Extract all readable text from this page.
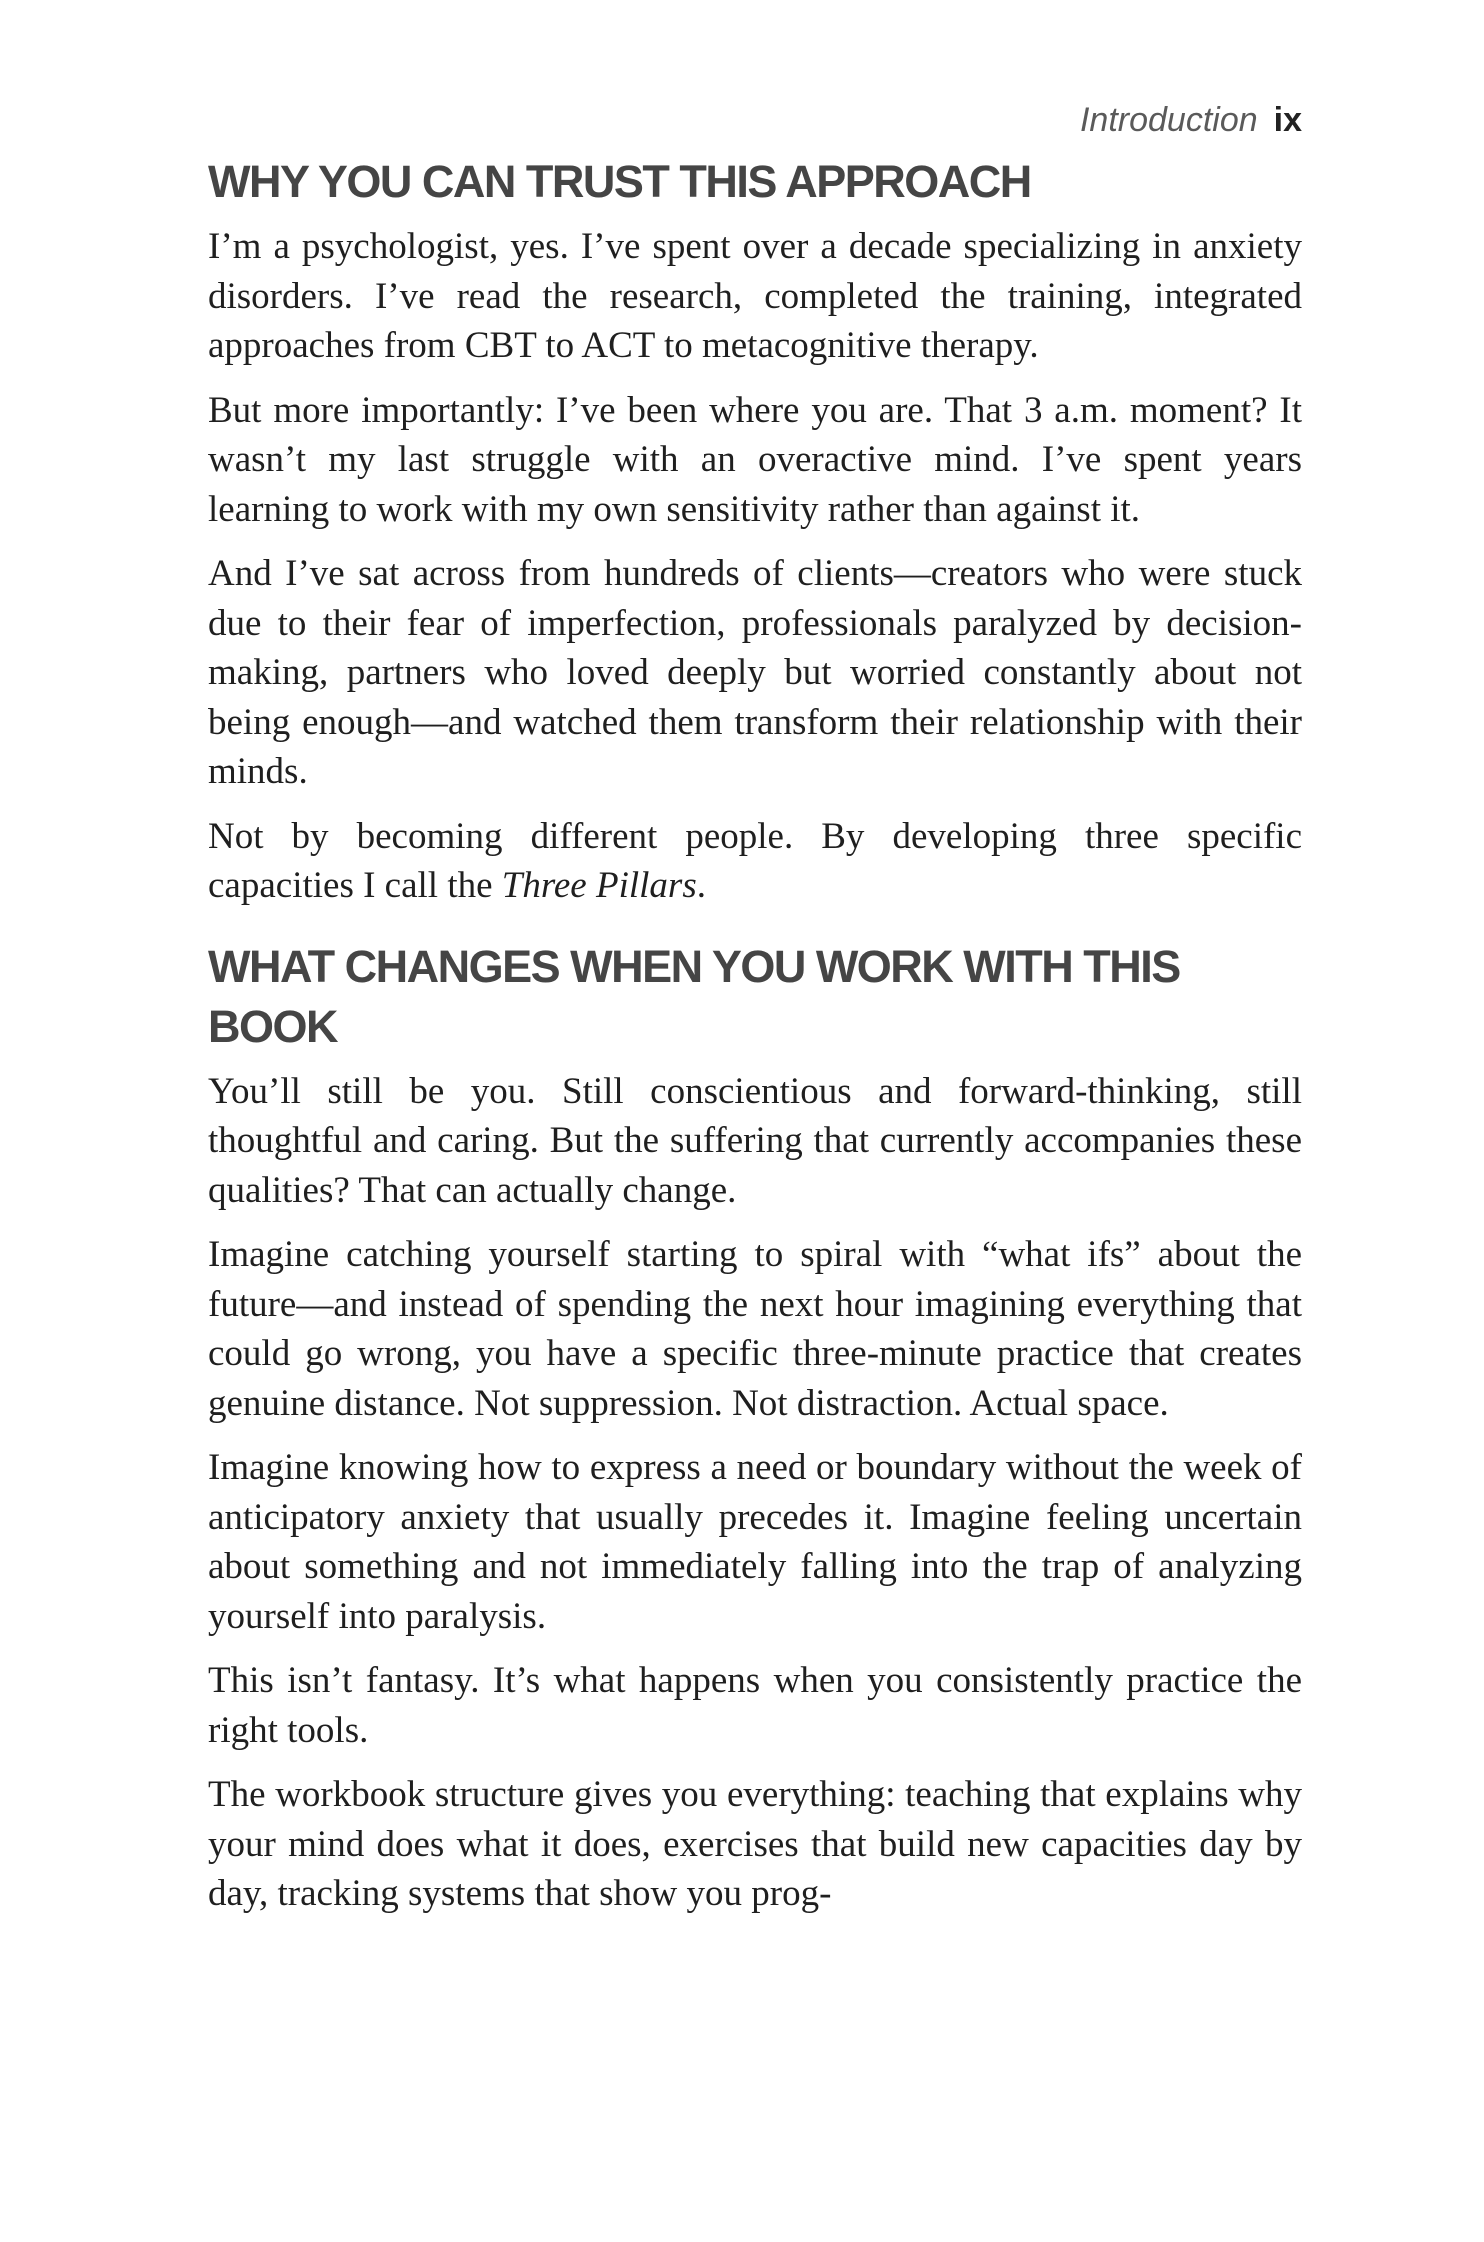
Introduction ix
WHY YOU CAN TRUST THIS APPROACH

I’m a psychologist, yes. I’ve spent over a decade specializing in anxiety disorders. I’ve read the research, completed the training, integrated approaches from CBT to ACT to metacognitive therapy.

But more importantly: I’ve been where you are. That 3 a.m. moment? It wasn’t my last struggle with an overactive mind. I’ve spent years learning to work with my own sensitivity rather than against it.

And I’ve sat across from hundreds of clients—creators who were stuck due to their fear of imperfection, professionals paralyzed by decision-making, partners who loved deeply but worried constantly about not being enough—and watched them transform their relationship with their minds.

Not by becoming different people. By developing three specific capacities I call the Three Pillars.

WHAT CHANGES WHEN YOU WORK WITH THIS BOOK

You’ll still be you. Still conscientious and forward-thinking, still thoughtful and caring. But the suffering that currently accompanies these qualities? That can actually change.

Imagine catching yourself starting to spiral with “what ifs” about the future—and instead of spending the next hour imagining everything that could go wrong, you have a specific three-minute practice that creates genuine distance. Not suppression. Not distraction. Actual space.

Imagine knowing how to express a need or boundary without the week of anticipatory anxiety that usually precedes it. Imagine feeling uncertain about something and not immediately falling into the trap of analyzing yourself into paralysis.

This isn’t fantasy. It’s what happens when you consistently practice the right tools.

The workbook structure gives you everything: teaching that explains why your mind does what it does, exercises that build new capacities day by day, tracking systems that show you prog-
